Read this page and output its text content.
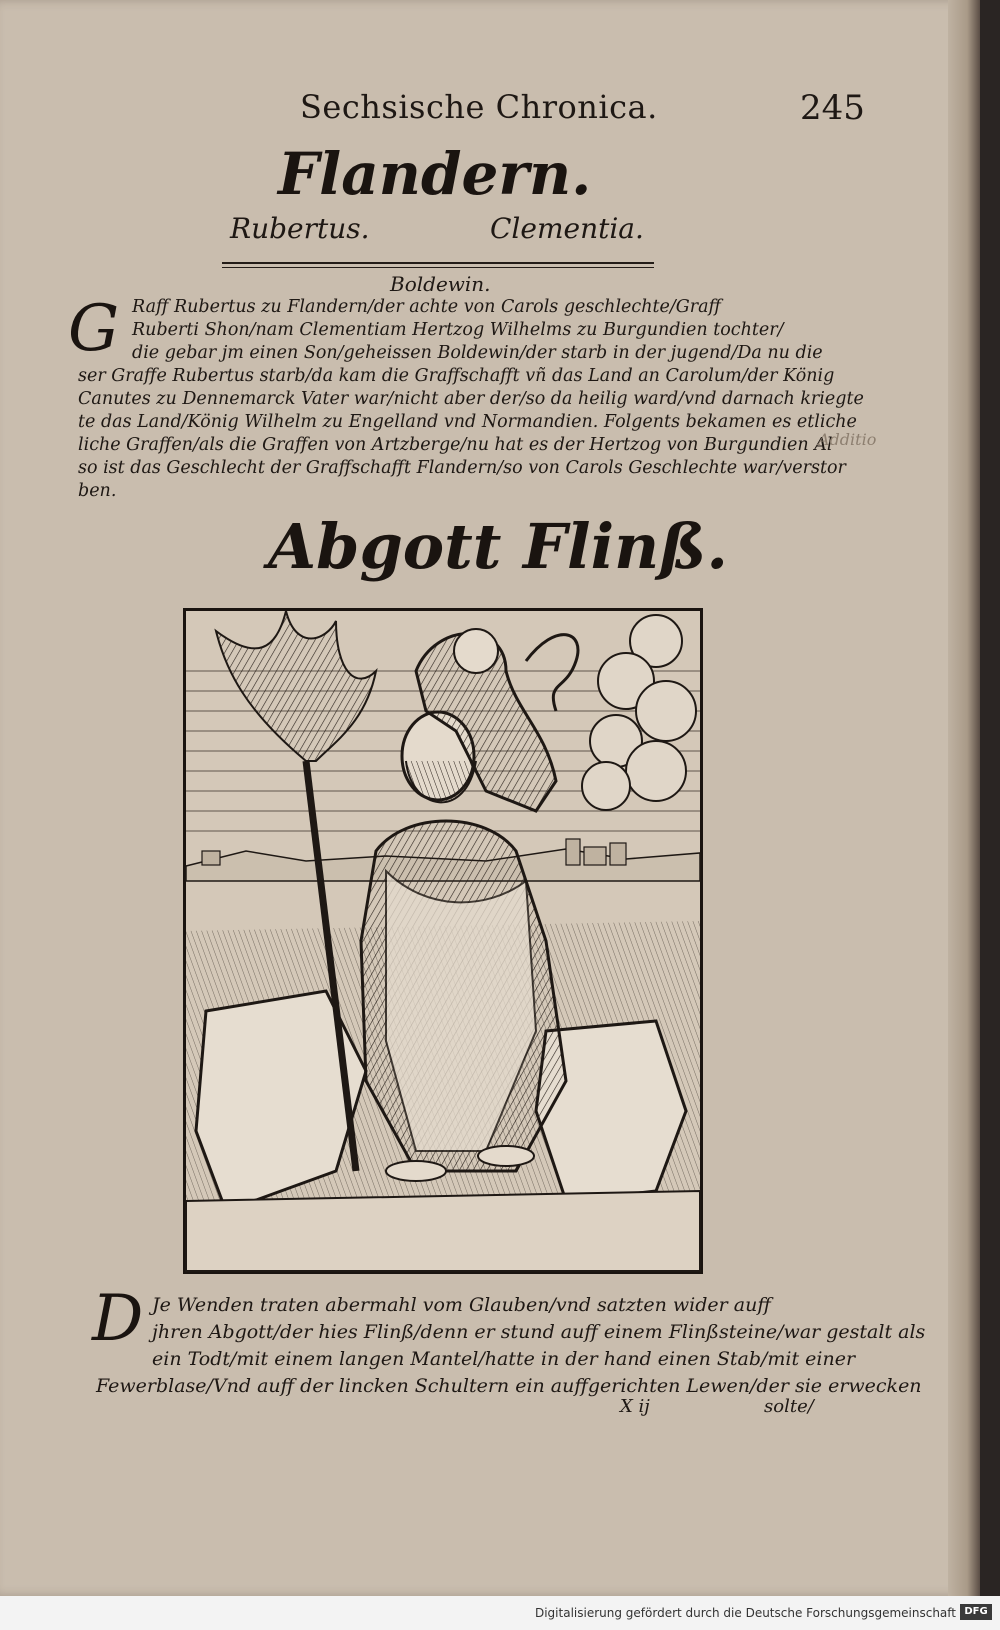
Sechsische Chronica.	245
Flandern.
Rubertus.	Clementia.
Boldewin.
G Raff Rubertus zu Flandern/der achte von Carols geschlechte/Graff

Ruberti Shon/nam Clementiam Hertzog Wilhelms zu Burgundien tochter/

die gebar jm einen Son/geheissen Boldewin/der starb in der jugend/Da nu die

ser Graffe Rubertus starb/da kam die Graffschafft vñ das Land an Carolum/der König

Canutes zu Dennemarck Vater war/nicht aber der/so da heilig ward/vnd darnach kriegte

te das Land/König Wilhelm zu Engelland vnd Normandien. Folgents bekamen es etliche

liche Graffen/als die Graffen von Artzberge/nu hat es der Hertzog von Burgundien Al

so ist das Geschlecht der Graffschafft Flandern/so von Carols Geschlechte war/verstor

ben.

Additio
Abgott Flinß.
D Je Wenden traten abermahl vom Glauben/vnd satzten wider auff

jhren Abgott/der hies Flinß/denn er stund auff einem Flinßsteine/war gestalt als

ein Todt/mit einem langen Mantel/hatte in der hand einen Stab/mit einer

Fewerblase/Vnd auff der lincken Schultern ein auffgerichten Lewen/der sie erwecken

X ij	solte/
Digitalisierung gefördert durch die Deutsche Forschungsgemeinschaft DFG
